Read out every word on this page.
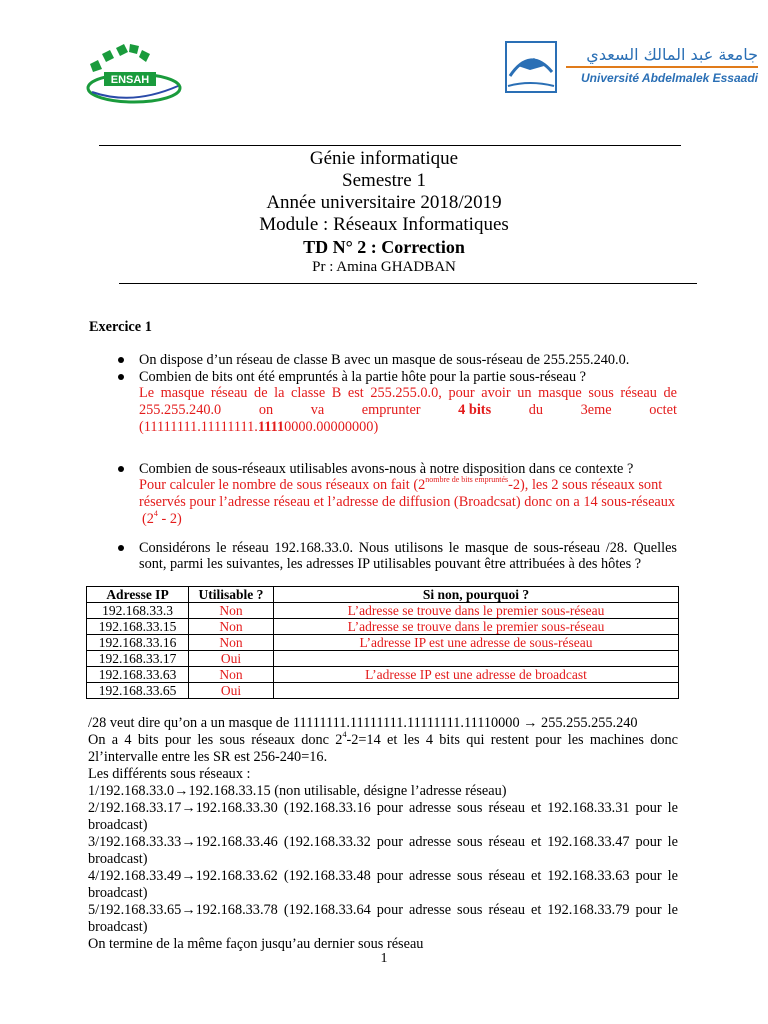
ENSAH
جامعة عبد المالك السعدي
Université Abdelmalek Essaadi
Génie informatique
Semestre 1
Année universitaire 2018/2019
Module : Réseaux Informatiques
TD N° 2 : Correction
Pr : Amina GHADBAN
Exercice 1
On dispose d’un réseau de classe B avec un masque de sous-réseau de 255.255.240.0.
Combien de bits ont été empruntés à la partie hôte pour la partie sous-réseau ?
Le masque réseau de la classe B est 255.255.0.0, pour avoir un masque sous réseau de
255.255.240.0	on	va	emprunter	4 bits	du	3eme	octet
(11111111.11111111.11110000.00000000)
Combien de sous-réseaux utilisables avons-nous à notre disposition dans ce contexte ?
Pour calculer le nombre de sous réseaux on fait $(2^{nombre de bits empruntés}-2)$, les 2 sous réseaux sont
réservés pour l’adresse réseau et l’adresse de diffusion (Broadcsat) donc on a 14 sous-réseaux
$(2^4 - 2)$
Considérons le réseau 192.168.33.0. Nous utilisons le masque de sous-réseau /28. Quelles
sont, parmi les suivantes, les adresses IP utilisables pouvant être attribuées à des hôtes ?
Adresse IP	Utilisable ?	Si non, pourquoi ?
192.168.33.3	Non	L’adresse se trouve dans le premier sous-réseau
192.168.33.15	Non	L’adresse se trouve dans le premier sous-réseau
192.168.33.16	Non	L’adresse IP est une adresse de sous-réseau
192.168.33.17	Oui	
192.168.33.63	Non	L’adresse IP est une adresse de broadcast
192.168.33.65	Oui	
/28 veut dire qu’on a un masque de 11111111.11111111.11111111.11110000 → 255.255.255.240
On a 4 bits pour les sous réseaux donc $2^4-2=14$ et les 4 bits qui restent pour les machines donc
2l’intervalle entre les SR est 256-240=16.
Les différents sous réseaux :
1/192.168.33.0→192.168.33.15 (non utilisable, désigne l’adresse réseau)
2/192.168.33.17→192.168.33.30 (192.168.33.16 pour adresse sous réseau et 192.168.33.31 pour le
broadcast)
3/192.168.33.33→192.168.33.46 (192.168.33.32 pour adresse sous réseau et 192.168.33.47 pour le
broadcast)
4/192.168.33.49→192.168.33.62 (192.168.33.48 pour adresse sous réseau et 192.168.33.63 pour le
broadcast)
5/192.168.33.65→192.168.33.78 (192.168.33.64 pour adresse sous réseau et 192.168.33.79 pour le
broadcast)
On termine de la même façon jusqu’au dernier sous réseau
1
